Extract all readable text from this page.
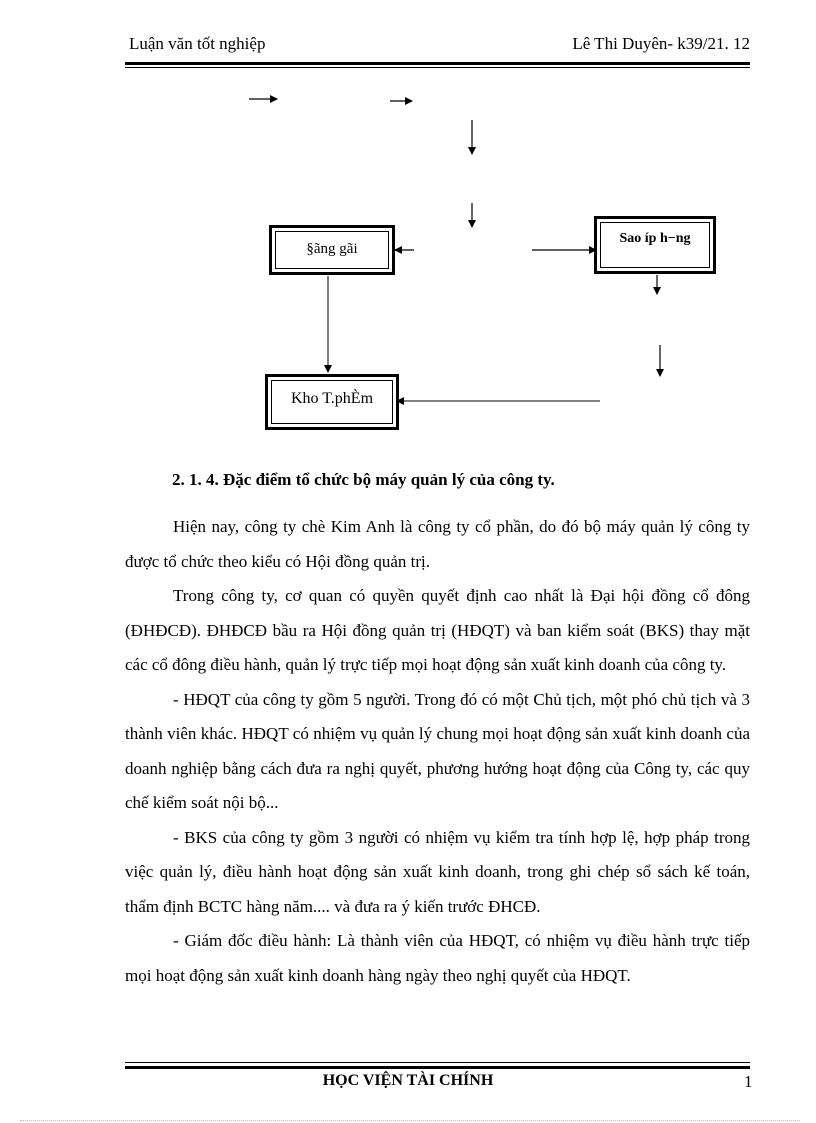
Luận văn tốt nghiệp	Lê Thi Duyên- k39/21. 12
§ãng gãi
Sao íp h−ng
Kho T.phÈm
2. 1. 4. Đặc điểm tổ chức bộ máy quản lý của công ty.

Hiện nay, công ty chè Kim Anh là công ty cổ phần, do đó bộ máy quản lý công ty được tổ chức theo kiểu có Hội đồng quản trị.

Trong công ty, cơ quan có quyền quyết định cao nhất là Đại hội đồng cổ đông (ĐHĐCĐ). ĐHĐCĐ bầu ra Hội đồng quản trị (HĐQT) và ban kiểm soát (BKS) thay mặt các cổ đông điều hành, quản lý trực tiếp mọi hoạt động sản xuất kinh doanh của công ty.

- HĐQT của công ty gồm 5 người. Trong đó có một Chủ tịch, một phó chủ tịch và 3 thành viên khác. HĐQT có nhiệm vụ quản lý chung mọi hoạt động sản xuất kinh doanh của doanh nghiệp bằng cách đưa ra nghị quyết, phương hướng hoạt động của Công ty, các quy chế kiểm soát nội bộ...

- BKS của công ty gồm 3 người có nhiệm vụ kiểm tra tính hợp lệ, hợp pháp trong việc quản lý, điều hành hoạt động sản xuất kinh doanh, trong ghi chép sổ sách kế toán, thẩm định BCTC hàng năm.... và đưa ra ý kiến trước ĐHCĐ.

- Giám đốc điều hành: Là thành viên của HĐQT, có nhiệm vụ điều hành trực tiếp mọi hoạt động sản xuất kinh doanh hàng ngày theo nghị quyết của HĐQT.

HỌC VIỆN TÀI CHÍNH	1
